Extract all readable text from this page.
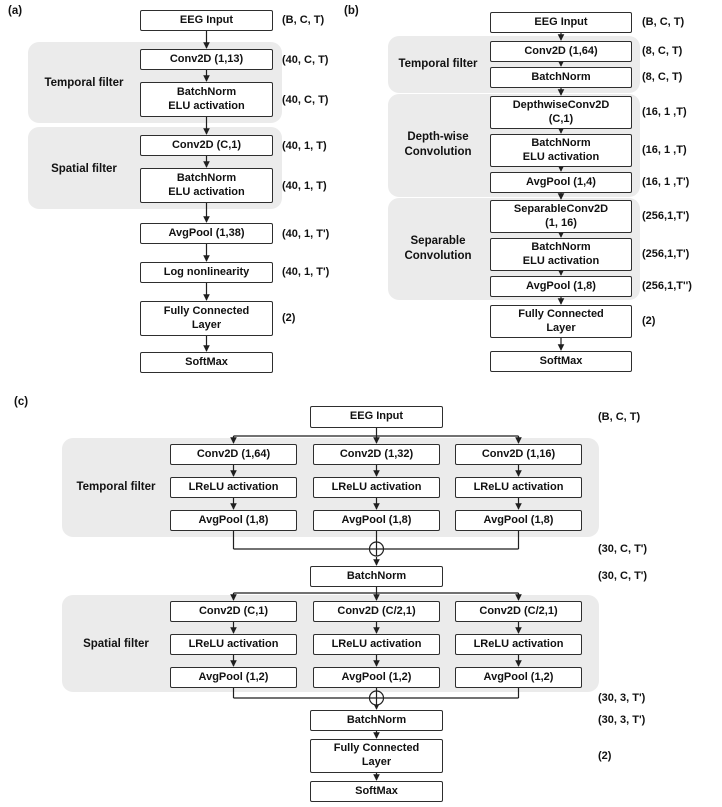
(a)	(b)
(c)
Temporal filter
Spatial filter
Temporal filter
Depth-wise
Convolution
Separable
Convolution
Temporal filter
Spatial filter
EEG Input
Conv2D (1,13)
BatchNorm
ELU activation
Conv2D (C,1)
BatchNorm
ELU activation
AvgPool (1,38)
Log nonlinearity
Fully Connected
Layer
SoftMax
(B, C, T)
(40, C, T)
(40, C, T)
(40, 1, T)
(40, 1, T)
(40, 1, T')
(40, 1, T')
(2)
EEG Input
Conv2D (1,64)
BatchNorm
DepthwiseConv2D
(C,1)
BatchNorm
ELU activation
AvgPool (1,4)
SeparableConv2D
(1, 16)
BatchNorm
ELU activation
AvgPool (1,8)
Fully Connected
Layer
SoftMax
(B, C, T)
(8, C, T)
(8, C, T)
(16, 1 ,T)
(16, 1 ,T)
(16, 1 ,T')
(256,1,T')
(256,1,T')
(256,1,T'')
(2)
EEG Input	(B, C, T)
Conv2D (1,64)	Conv2D (1,32)	Conv2D (1,16)
LReLU activation	LReLU activation	LReLU activation
AvgPool (1,8)	AvgPool (1,8)	AvgPool (1,8)
(30, C, T')
BatchNorm	(30, C, T')
Conv2D (C,1)	Conv2D (C/2,1)	Conv2D (C/2,1)
LReLU activation	LReLU activation	LReLU activation
AvgPool (1,2)	AvgPool (1,2)	AvgPool (1,2)
(30, 3, T')
BatchNorm	(30, 3, T')
Fully Connected
Layer	(2)
SoftMax
